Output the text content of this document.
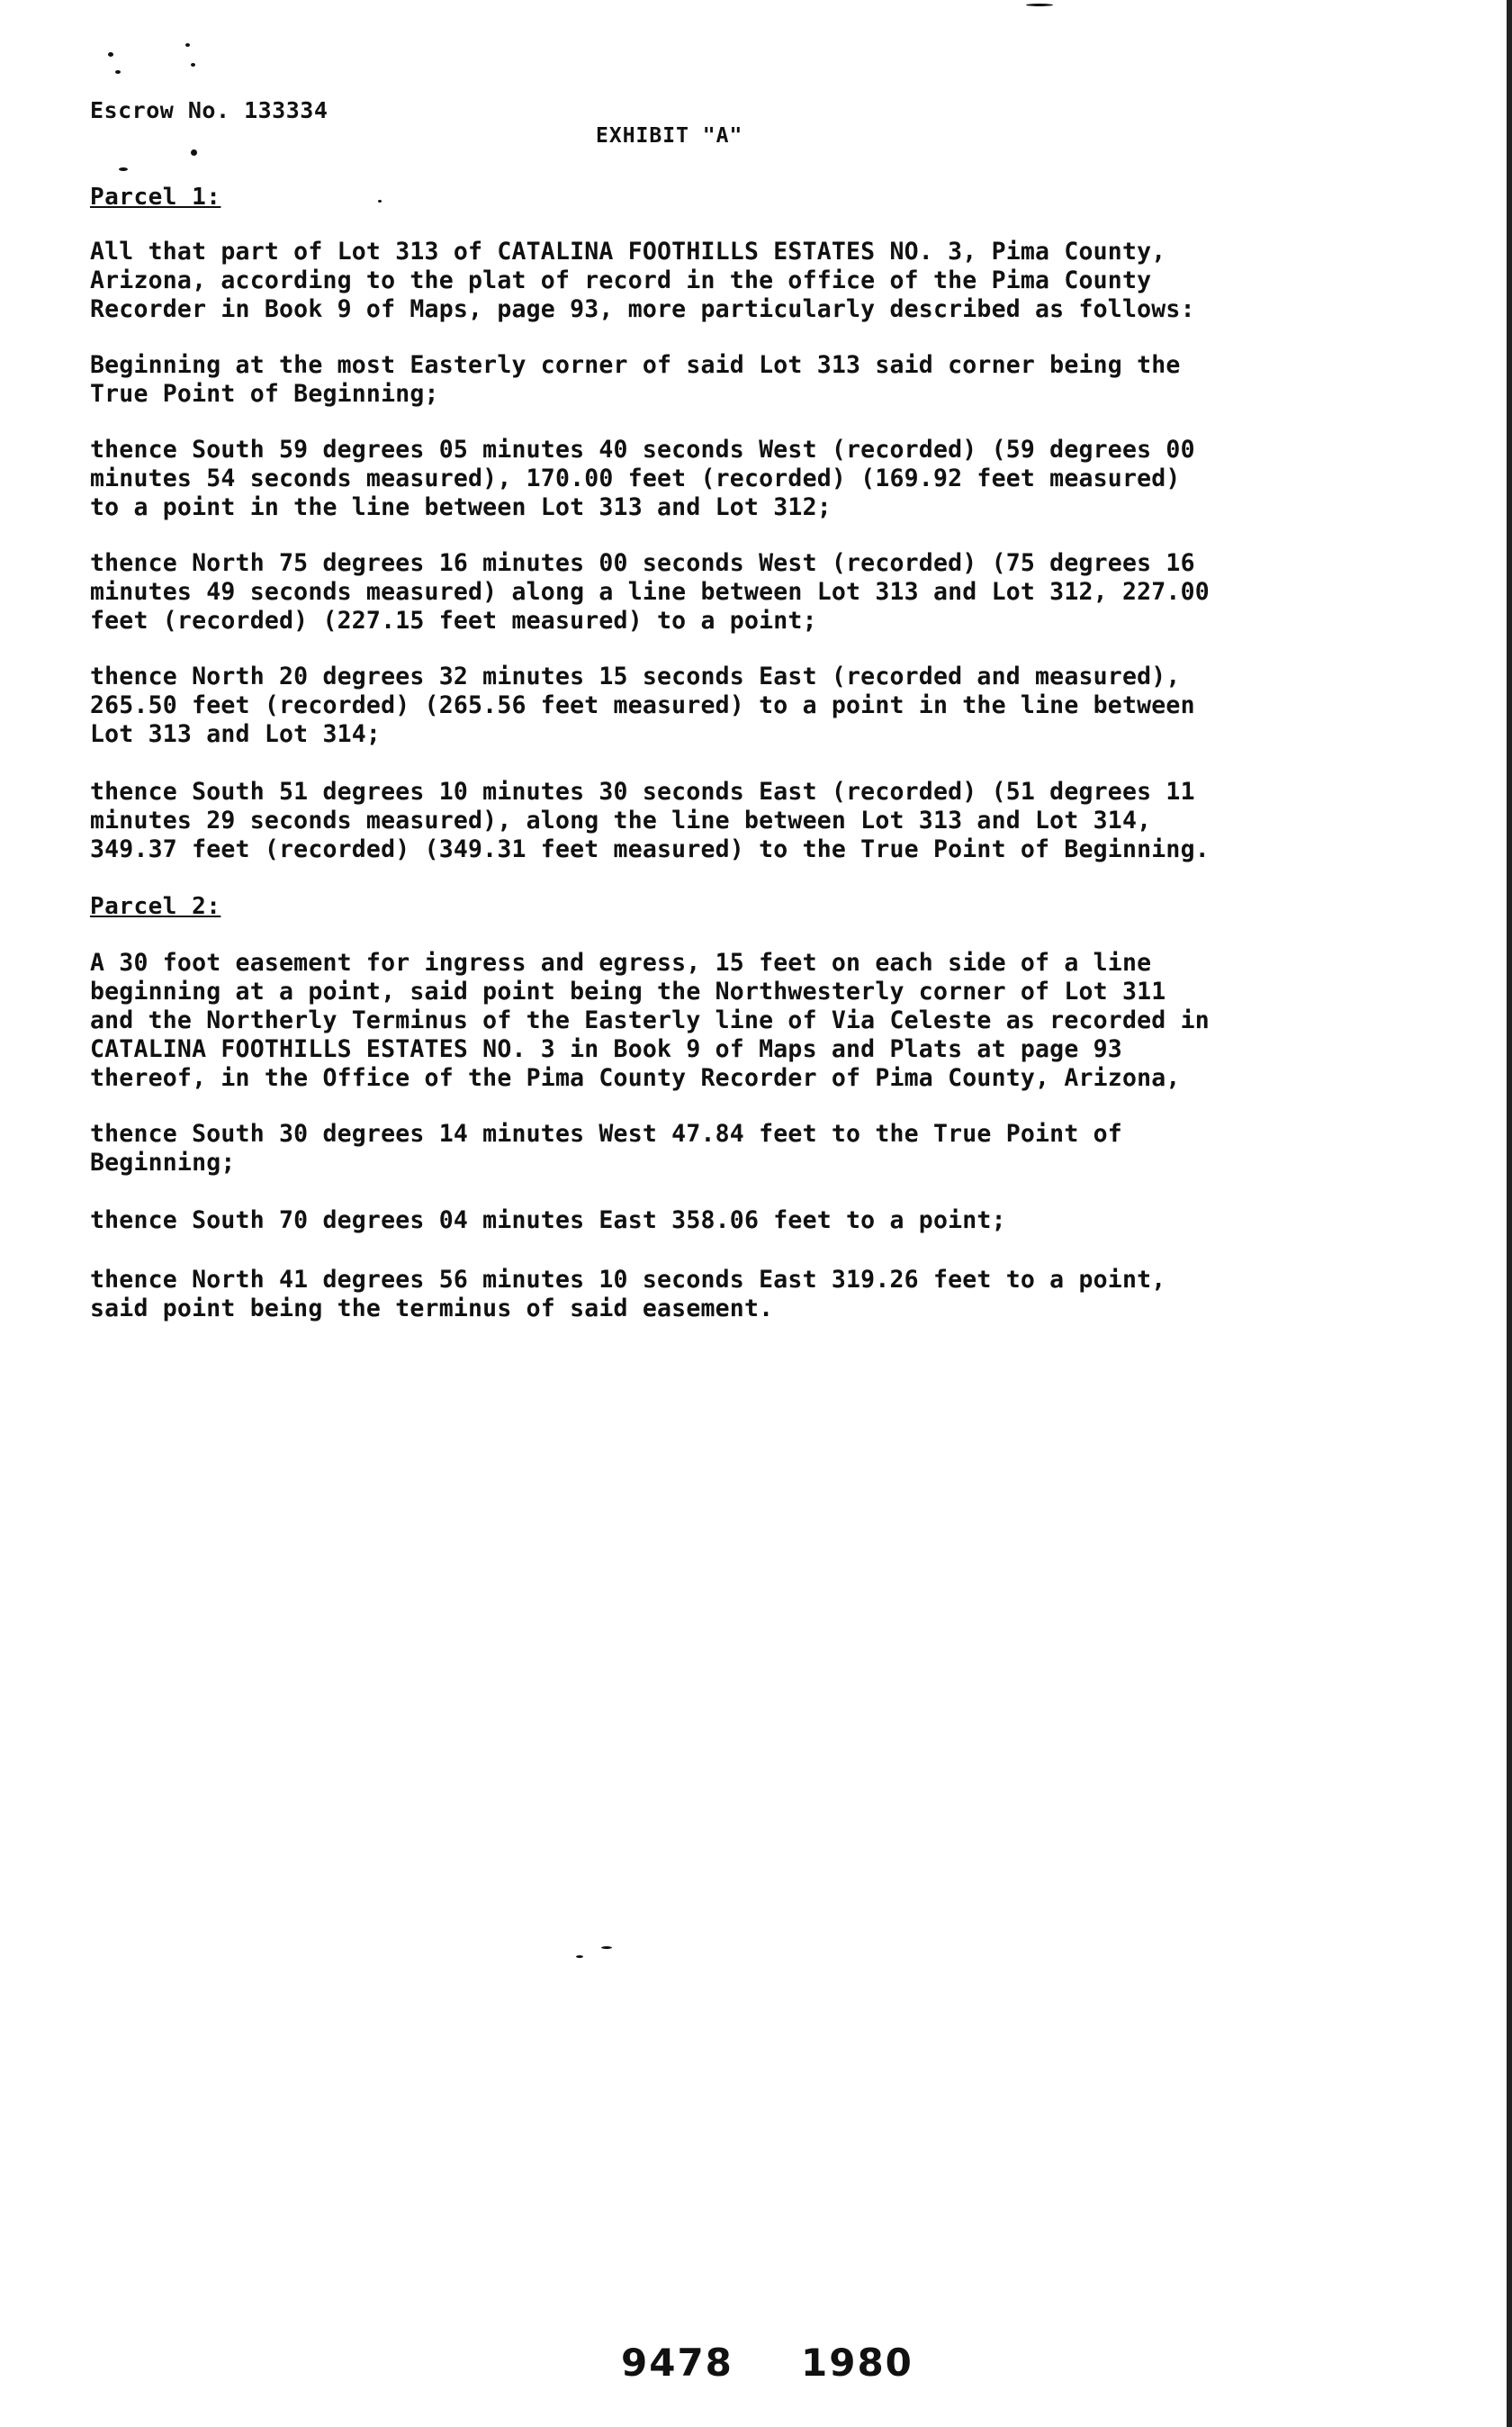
Escrow No. 133334
EXHIBIT "A"
Parcel 1:
All that part of Lot 313 of CATALINA FOOTHILLS ESTATES NO. 3, Pima County,
Arizona, according to the plat of record in the office of the Pima County
Recorder in Book 9 of Maps, page 93, more particularly described as follows:
Beginning at the most Easterly corner of said Lot 313 said corner being the
True Point of Beginning;
thence South 59 degrees 05 minutes 40 seconds West (recorded) (59 degrees 00
minutes 54 seconds measured), 170.00 feet (recorded) (169.92 feet measured)
to a point in the line between Lot 313 and Lot 312;
thence North 75 degrees 16 minutes 00 seconds West (recorded) (75 degrees 16
minutes 49 seconds measured) along a line between Lot 313 and Lot 312, 227.00
feet (recorded) (227.15 feet measured) to a point;
thence North 20 degrees 32 minutes 15 seconds East (recorded and measured),
265.50 feet (recorded) (265.56 feet measured) to a point in the line between
Lot 313 and Lot 314;
thence South 51 degrees 10 minutes 30 seconds East (recorded) (51 degrees 11
minutes 29 seconds measured), along the line between Lot 313 and Lot 314,
349.37 feet (recorded) (349.31 feet measured) to the True Point of Beginning.
Parcel 2:
A 30 foot easement for ingress and egress, 15 feet on each side of a line
beginning at a point, said point being the Northwesterly corner of Lot 311
and the Northerly Terminus of the Easterly line of Via Celeste as recorded in
CATALINA FOOTHILLS ESTATES NO. 3 in Book 9 of Maps and Plats at page 93
thereof, in the Office of the Pima County Recorder of Pima County, Arizona,
thence South 30 degrees 14 minutes West 47.84 feet to the True Point of
Beginning;
thence South 70 degrees 04 minutes East 358.06 feet to a point;
thence North 41 degrees 56 minutes 10 seconds East 319.26 feet to a point,
said point being the terminus of said easement.
9478 1980
